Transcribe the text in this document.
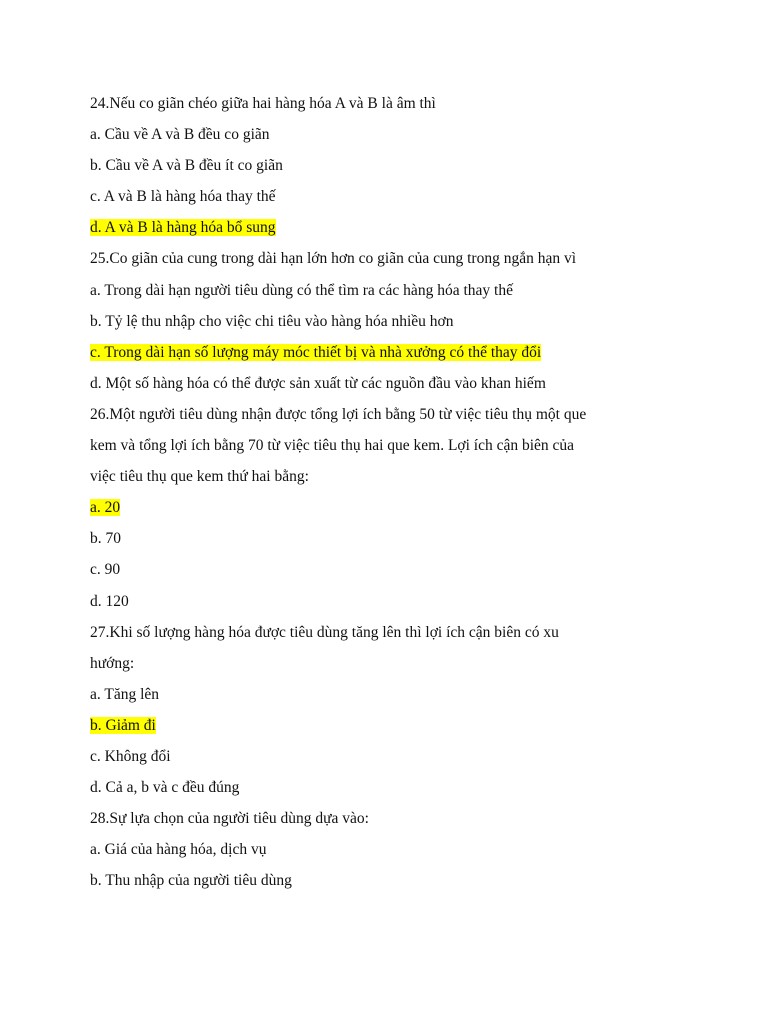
24.Nếu co giãn chéo giữa hai hàng hóa A và B là âm thì
a. Cầu về A và B đều co giãn
b. Cầu về A và B đều ít co giãn
c. A và B là hàng hóa thay thế
d. A và B là hàng hóa bổ sung
25.Co giãn của cung trong dài hạn lớn hơn co giãn của cung trong ngắn hạn vì
a. Trong dài hạn người tiêu dùng có thể tìm ra các hàng hóa thay thế
b. Tỷ lệ thu nhập cho việc chi tiêu vào hàng hóa nhiều hơn
c. Trong dài hạn số lượng máy móc thiết bị và nhà xưởng có thể thay đổi
d. Một số hàng hóa có thể được sản xuất từ các nguồn đầu vào khan hiếm
26.Một người tiêu dùng nhận được tổng lợi ích bằng 50 từ việc tiêu thụ một que
kem và tổng lợi ích bằng 70 từ việc tiêu thụ hai que kem. Lợi ích cận biên của
việc tiêu thụ que kem thứ hai bằng:
a. 20
b. 70
c. 90
d. 120
27.Khi số lượng hàng hóa được tiêu dùng tăng lên thì lợi ích cận biên có xu
hướng:
a. Tăng lên
b. Giảm đi
c. Không đổi
d. Cả a, b và c đều đúng
28.Sự lựa chọn của người tiêu dùng dựa vào:
a. Giá của hàng hóa, dịch vụ
b. Thu nhập của người tiêu dùng
